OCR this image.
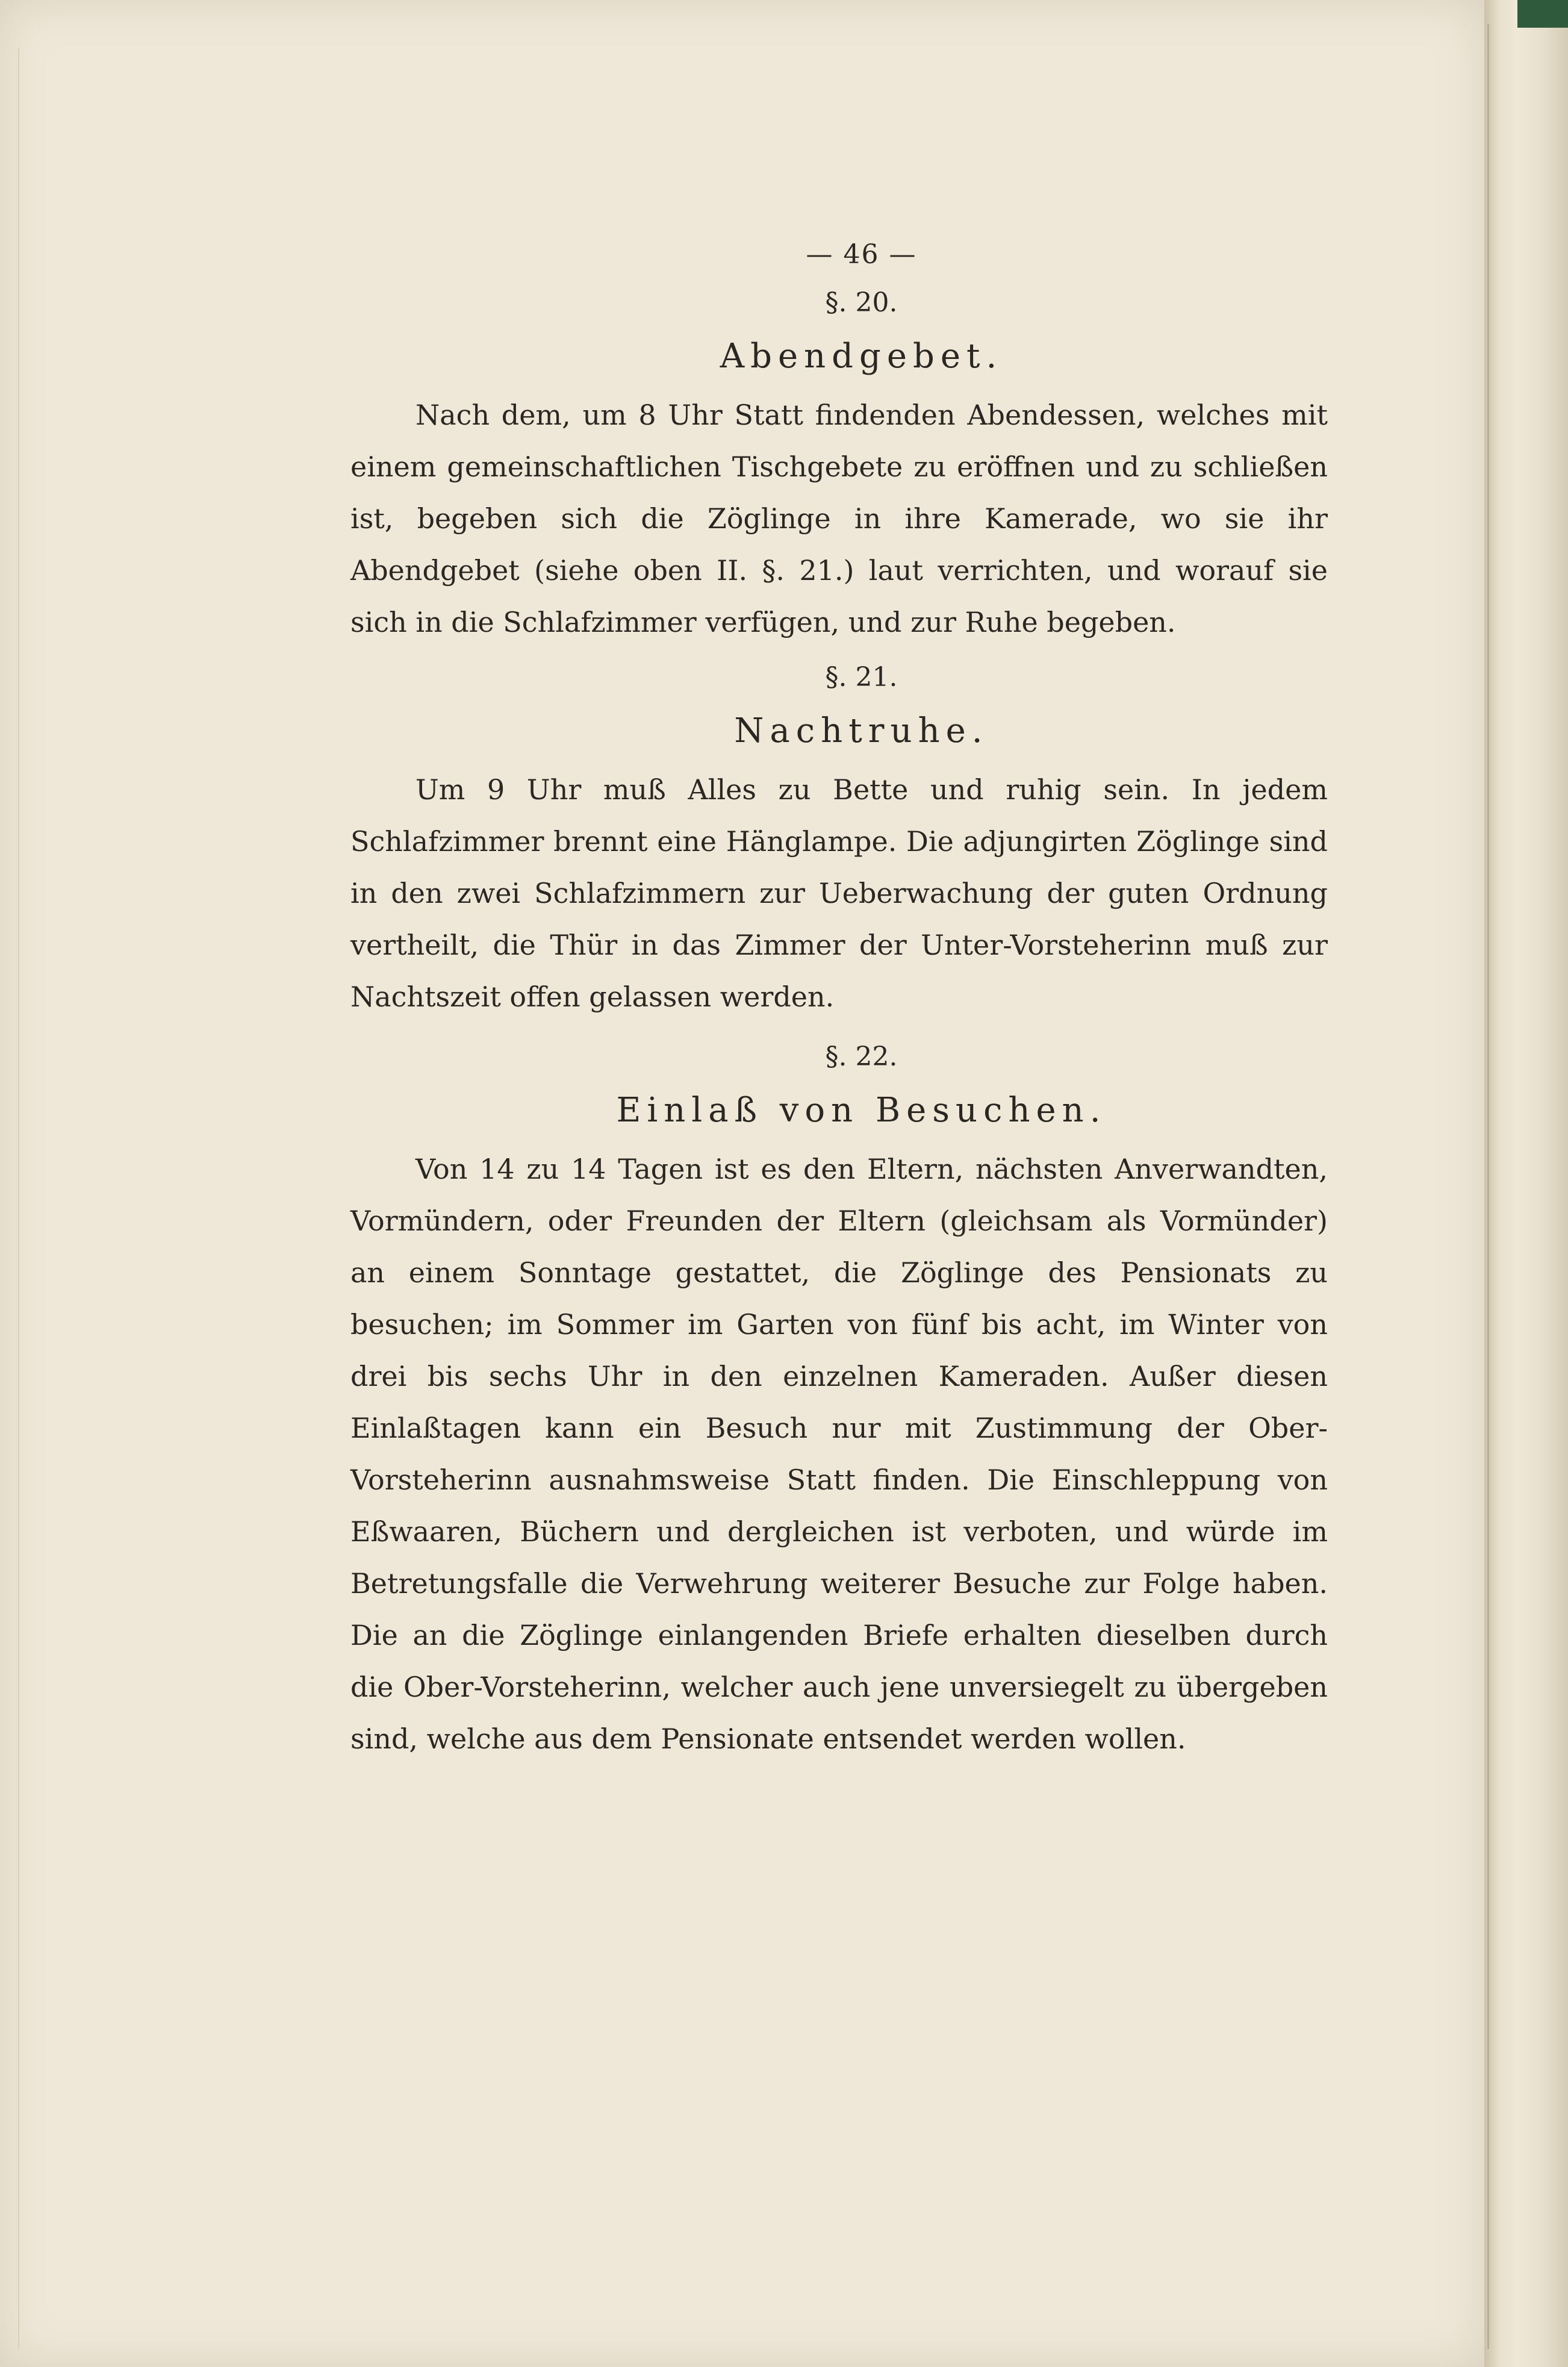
— 46 —
§. 20.
Abendgebet.
Nach dem, um 8 Uhr Statt findenden Abendessen, welches mit einem gemeinschaftlichen Tischgebete zu eröffnen und zu schließen ist, begeben sich die Zöglinge in ihre Kamerade, wo sie ihr Abendgebet (siehe oben II. §. 21.) laut verrichten, und worauf sie sich in die Schlafzimmer verfügen, und zur Ruhe begeben.
§. 21.
Nachtruhe.
Um 9 Uhr muß Alles zu Bette und ruhig sein. In jedem Schlafzimmer brennt eine Hänglampe. Die adjungirten Zöglinge sind in den zwei Schlafzimmern zur Ueberwachung der guten Ordnung vertheilt, die Thür in das Zimmer der Unter-Vorsteherinn muß zur Nachtszeit offen gelassen werden.
§. 22.
Einlaß von Besuchen.
Von 14 zu 14 Tagen ist es den Eltern, nächsten Anverwandten, Vormündern, oder Freunden der Eltern (gleichsam als Vormünder) an einem Sonntage gestattet, die Zöglinge des Pensionats zu besuchen; im Sommer im Garten von fünf bis acht, im Winter von drei bis sechs Uhr in den einzelnen Kameraden. Außer diesen Einlaßtagen kann ein Besuch nur mit Zustimmung der Ober-Vorsteherinn ausnahmsweise Statt finden. Die Einschleppung von Eßwaaren, Büchern und dergleichen ist verboten, und würde im Betretungsfalle die Verwehrung weiterer Besuche zur Folge haben. Die an die Zöglinge einlangenden Briefe erhalten dieselben durch die Ober-Vorsteherinn, welcher auch jene unversiegelt zu übergeben sind, welche aus dem Pensionate entsendet werden wollen.
